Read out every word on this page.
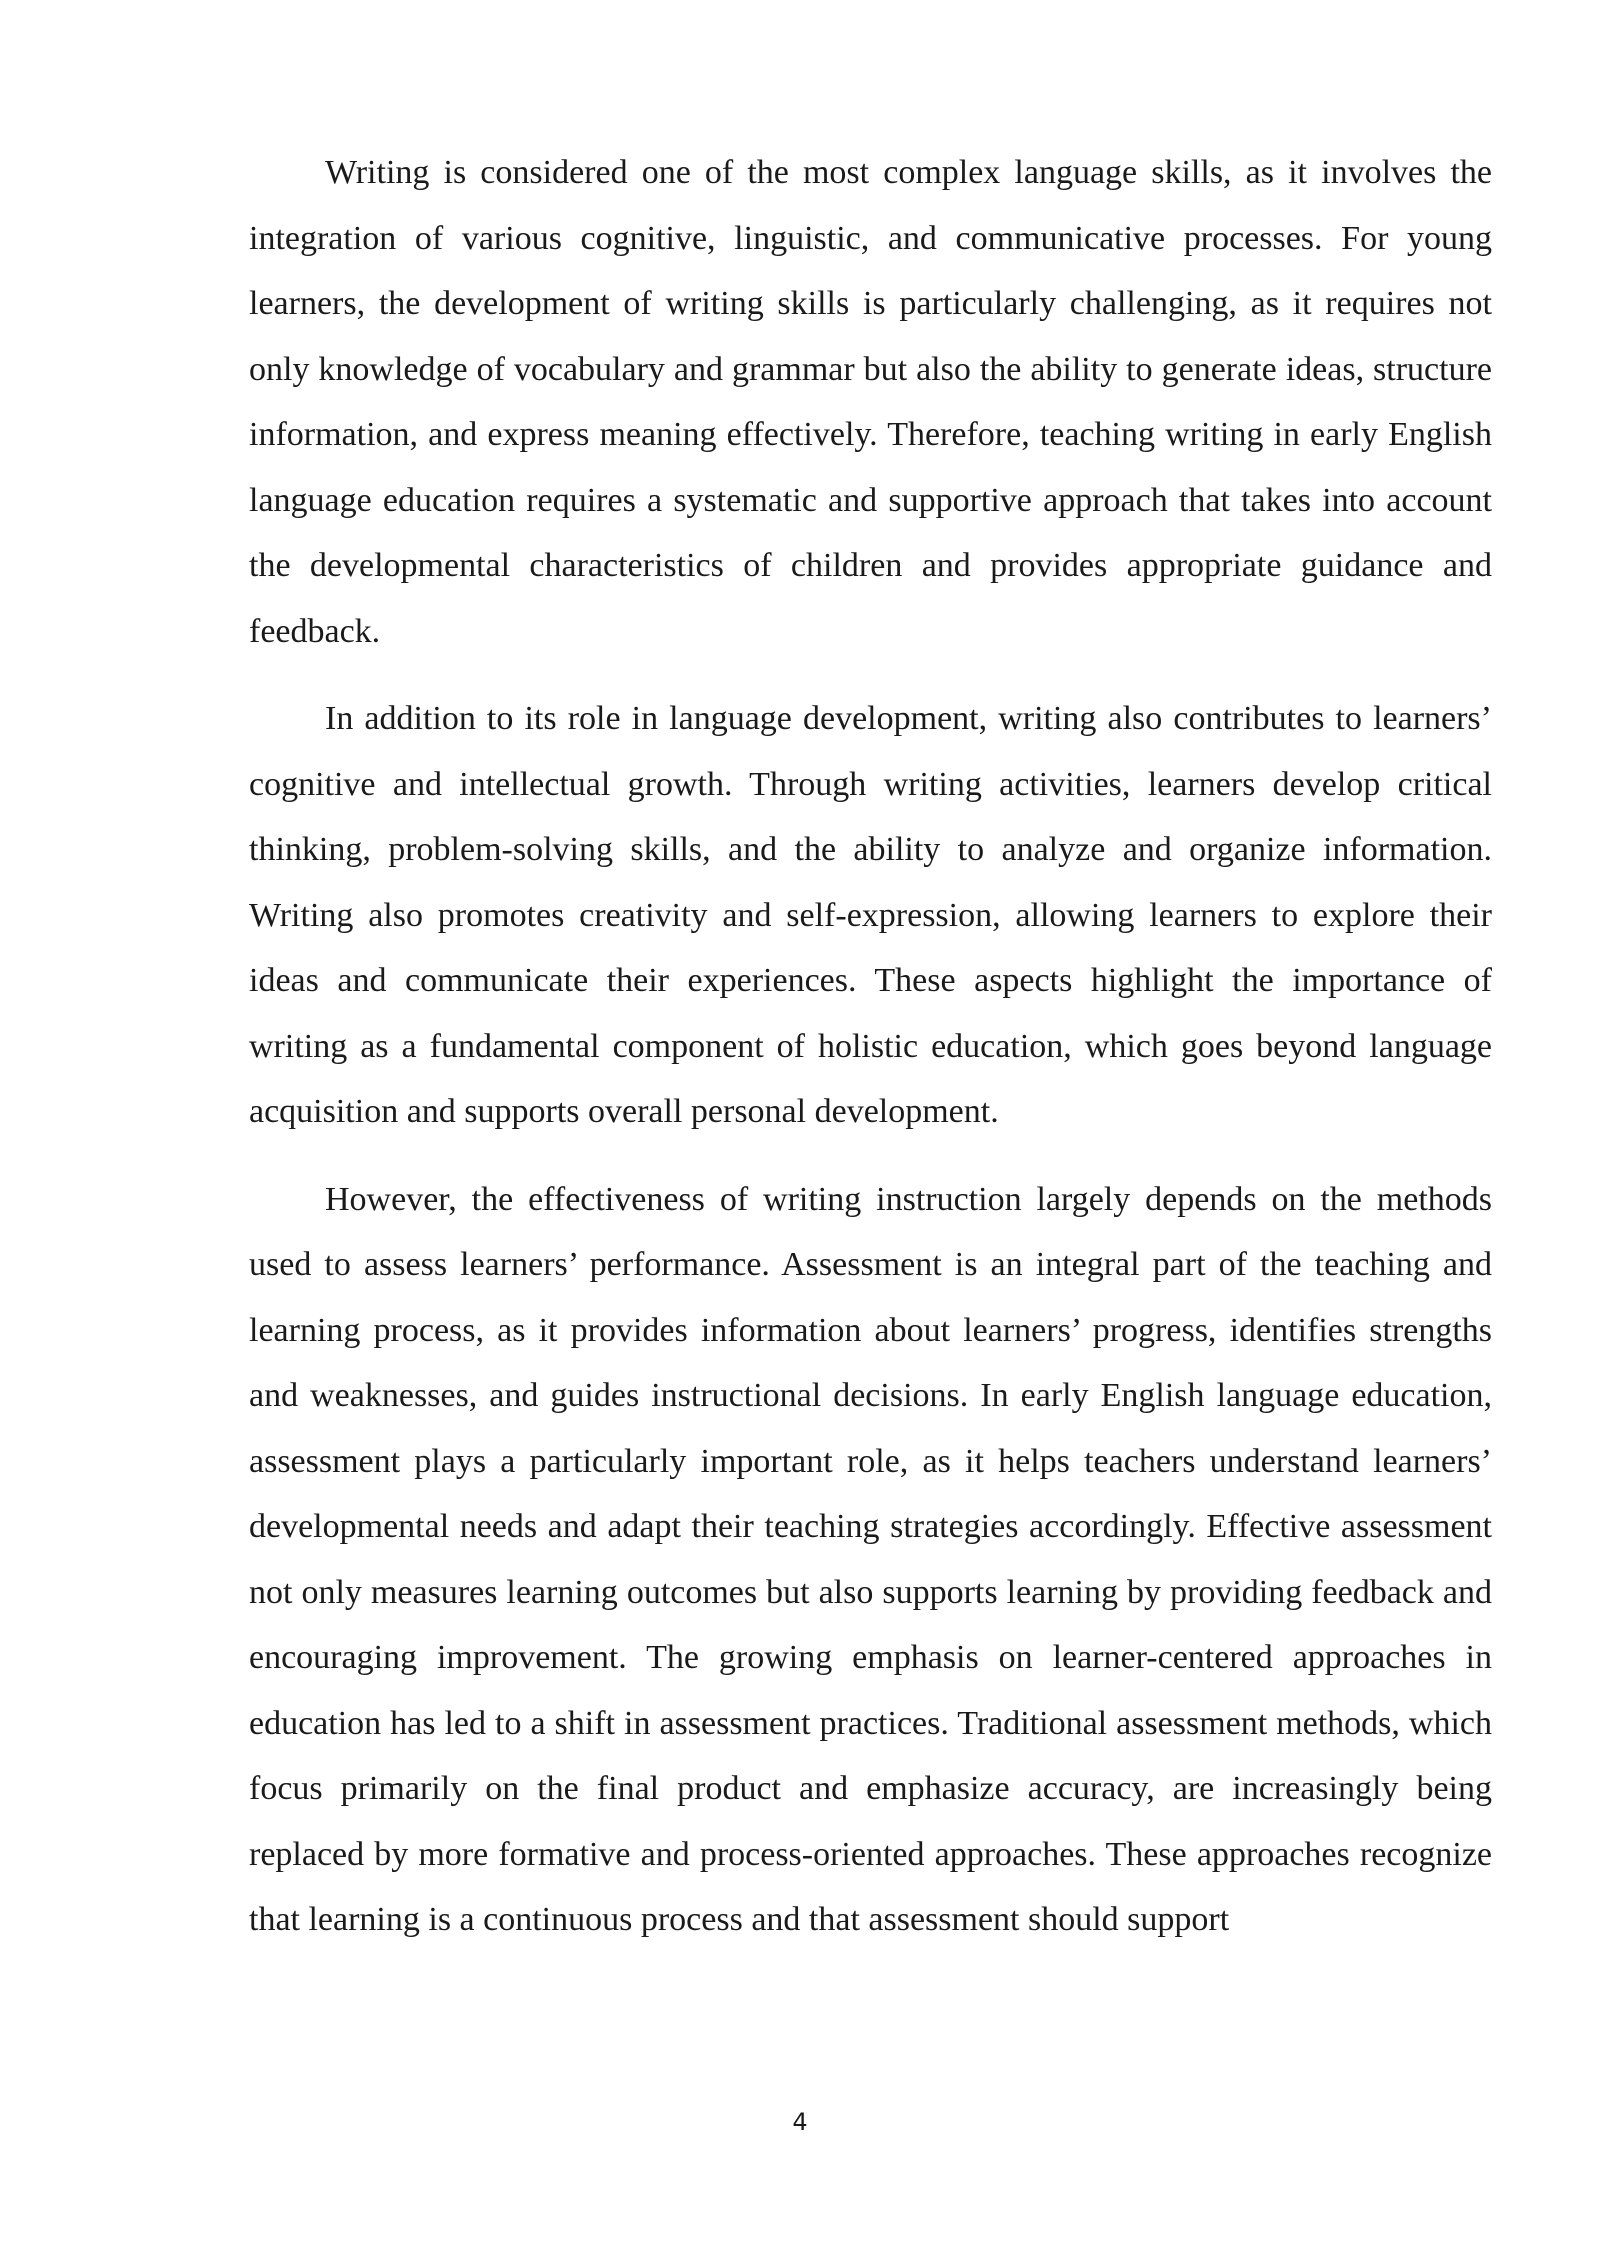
Writing is considered one of the most complex language skills, as it involves the integration of various cognitive, linguistic, and communicative processes. For young learners, the development of writing skills is particularly challenging, as it requires not only knowledge of vocabulary and grammar but also the ability to generate ideas, structure information, and express meaning effectively. Therefore, teaching writing in early English language education requires a systematic and supportive approach that takes into account the developmental characteristics of children and provides appropriate guidance and feedback.

In addition to its role in language development, writing also contributes to learners’ cognitive and intellectual growth. Through writing activities, learners develop critical thinking, problem-solving skills, and the ability to analyze and organize information. Writing also promotes creativity and self-expression, allowing learners to explore their ideas and communicate their experiences. These aspects highlight the importance of writing as a fundamental component of holistic education, which goes beyond language acquisition and supports overall personal development.

However, the effectiveness of writing instruction largely depends on the methods used to assess learners’ performance. Assessment is an integral part of the teaching and learning process, as it provides information about learners’ progress, identifies strengths and weaknesses, and guides instructional decisions. In early English language education, assessment plays a particularly important role, as it helps teachers understand learners’ developmental needs and adapt their teaching strategies accordingly. Effective assessment not only measures learning outcomes but also supports learning by providing feedback and encouraging improvement. The growing emphasis on learner-centered approaches in education has led to a shift in assessment practices. Traditional assessment methods, which focus primarily on the final product and emphasize accuracy, are increasingly being replaced by more formative and process-oriented approaches. These approaches recognize that learning is a continuous process and that assessment should support

4
